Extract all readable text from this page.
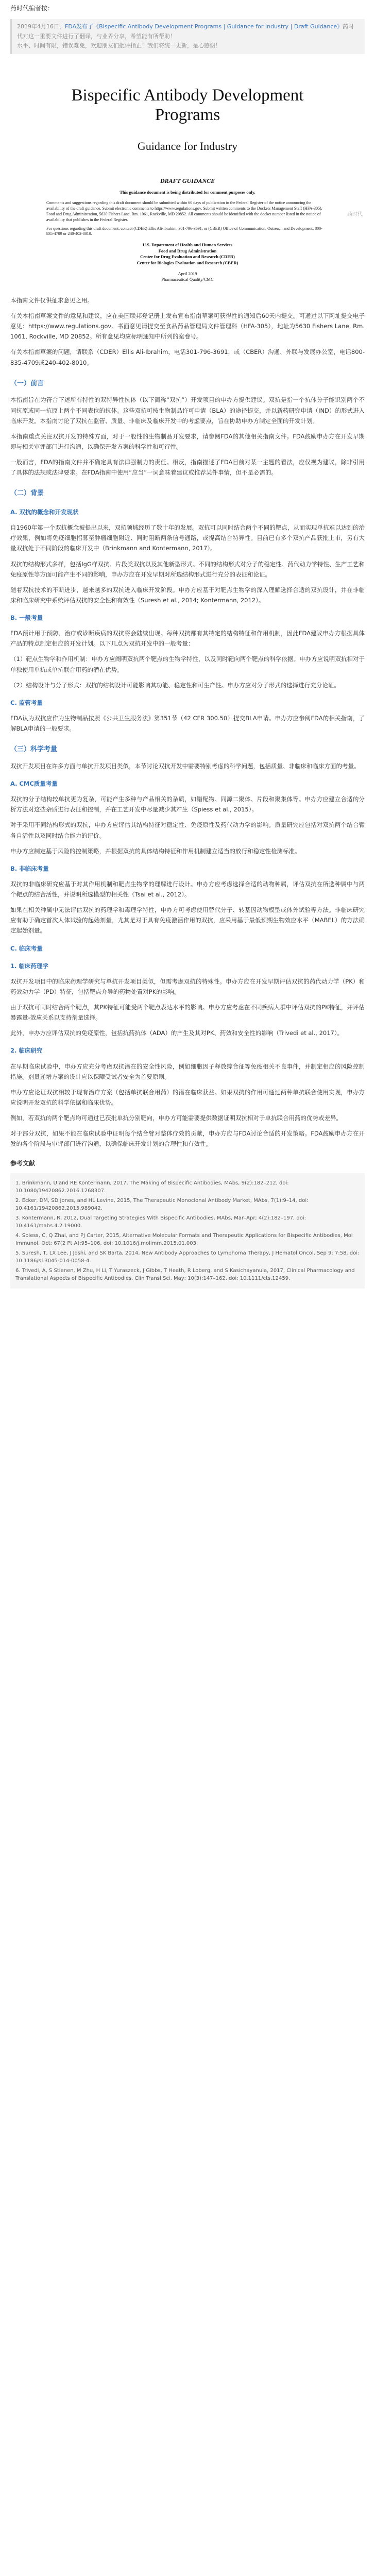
药时代编者按：
2019年4月16日，FDA发布了《Bispecific Antibody Development Programs | Guidance for Industry | Draft Guidance》药时代对这一重要文件进行了翻译，与业界分享，希望能有所帮助！
水平、时间有限，错误难免，欢迎朋友们批评指正！我们将统一更新，是心感谢！
Bispecific Antibody Development Programs
Guidance for Industry
DRAFT GUIDANCE
This guidance document is being distributed for comment purposes only.
Comments and suggestions regarding this draft document should be submitted within 60 days of publication in the Federal Register of the notice announcing the availability of the draft guidance. Submit electronic comments to https://www.regulations.gov. Submit written comments to the Dockets Management Staff (HFA-305), Food and Drug Administration, 5630 Fishers Lane, Rm. 1061, Rockville, MD 20852. All comments should be identified with the docket number listed in the notice of availability that publishes in the Federal Register.
For questions regarding this draft document, contact (CDER) Ellis Ali-Ibrahim, 301-796-3691, or (CBER) Office of Communication, Outreach and Development, 800-835-4709 or 240-402-8010.
U.S. Department of Health and Human Services
Food and Drug Administration
Center for Drug Evaluation and Research (CDER)
Center for Biologics Evaluation and Research (CBER)
April 2019
Pharmaceutical Quality/CMC
药时代

本指南文件仅供征求意见之用。

有关本指南草案文件的意见和建议，应在美国联邦登记册上发布宣布指南草案可获得性的通知后60天内提交。可通过以下网址提交电子意见：https://www.regulations.gov。书面意见请提交至食品药品管理局文件管理科（HFA-305），地址为5630 Fishers Lane, Rm. 1061, Rockville, MD 20852。所有意见均应标明通知中所列的案卷号。

有关本指南草案的问题，请联系（CDER）Ellis Ali-Ibrahim，电话301-796-3691，或（CBER）沟通、外联与发展办公室，电话800-835-4709或240-402-8010。

（一）前言

本指南旨在为符合下述所有特性的双特异性抗体（以下简称“双抗”）开发项目的申办方提供建议。双抗是指一个抗体分子能识别两个不同抗原或同一抗原上两个不同表位的抗体。这些双抗可按生物制品许可申请（BLA）的途径提交，并以新药研究申请（IND）的形式进入临床开发。本指南讨论了双抗在监管、质量、非临床及临床开发中的考虑要点，旨在协助申办方制定全面的开发计划。

本指南重点关注双抗开发的特殊方面，对于一般性的生物制品开发要求，请参阅FDA的其他相关指南文件。FDA鼓励申办方在开发早期即与相关审评部门进行沟通，以确保开发方案的科学性和可行性。

一般而言，FDA的指南文件并不确定具有法律强制力的责任。相反，指南描述了FDA目前对某一主题的看法，应仅视为建议，除非引用了具体的法规或法律要求。在FDA指南中使用“应当”一词意味着建议或推荐某件事情，但不是必需的。

（二）背景
A. 双抗的概念和开发现状

自1960年第一个双抗概念被提出以来，双抗领域经历了数十年的发展。双抗可以同时结合两个不同的靶点，从而实现单抗难以达到的治疗效果，例如将免疫细胞招募至肿瘤细胞附近、同时阻断两条信号通路，或提高结合特异性。目前已有多个双抗产品获批上市，另有大量双抗处于不同阶段的临床开发中（Brinkmann and Kontermann, 2017）。

双抗的结构形式多样，包括IgG样双抗、片段类双抗以及其他新型形式。不同的结构形式对分子的稳定性、药代动力学特性、生产工艺和免疫原性等方面可能产生不同的影响，申办方应在开发早期对所选结构形式进行充分的表征和论证。

随着双抗技术的不断进步，越来越多的双抗进入临床开发阶段。申办方应基于对靶点生物学的深入理解选择合适的双抗设计，并在非临床和临床研究中系统评估双抗的安全性和有效性（Suresh et al., 2014; Kontermann, 2012）。

B. 一般考量

FDA预计用于预防、治疗或诊断疾病的双抗将会陆续出现。每种双抗都有其特定的结构特征和作用机制，因此FDA建议申办方根据具体产品的特点制定相应的开发计划。以下几点为双抗开发中的一般考量：

（1）靶点生物学和作用机制：申办方应阐明双抗两个靶点的生物学特性，以及同时靶向两个靶点的科学依据。申办方应说明双抗相对于单独使用单抗或单抗联合用药的潜在优势。

（2）结构设计与分子形式：双抗的结构设计可能影响其功能、稳定性和可生产性。申办方应对分子形式的选择进行充分论证。

C. 监管考量

FDA认为双抗应作为生物制品按照《公共卫生服务法》第351节（42 CFR 300.50）提交BLA申请。申办方应参阅FDA的相关指南，了解BLA申请的一般要求。

（三）科学考量

双抗开发项目在许多方面与单抗开发项目类似，本节讨论双抗开发中需要特别考虑的科学问题，包括质量、非临床和临床方面的考量。

A. CMC质量考量

双抗的分子结构较单抗更为复杂，可能产生多种与产品相关的杂质，如错配物、同源二聚体、片段和聚集体等。申办方应建立合适的分析方法对这些杂质进行表征和控制，并在工艺开发中尽量减少其产生（Spiess et al., 2015）。

对于采用不同结构形式的双抗，申办方应评估其结构特征对稳定性、免疫原性及药代动力学的影响。质量研究应包括对双抗两个结合臂各自活性以及同时结合能力的评价。

申办方应制定基于风险的控制策略，并根据双抗的具体结构特征和作用机制建立适当的放行和稳定性检测标准。

B. 非临床考量

双抗的非临床研究应基于对其作用机制和靶点生物学的理解进行设计。申办方应考虑选择合适的动物种属，评估双抗在所选种属中与两个靶点的结合活性，并说明所选模型的相关性（Tsai et al., 2012）。

如果在相关种属中无法评估双抗的药理学和毒理学特性，申办方可考虑使用替代分子、转基因动物模型或体外试验等方法。非临床研究应有助于确定首次人体试验的起始剂量，尤其是对于具有免疫激活作用的双抗，应采用基于最低预期生物效应水平（MABEL）的方法确定起始剂量。

C. 临床考量
1. 临床药理学

双抗开发项目中的临床药理学研究与单抗开发项目类似，但需考虑双抗的特殊性。申办方应在开发早期评估双抗的药代动力学（PK）和药效动力学（PD）特征，包括靶点介导的药物处置对PK的影响。

由于双抗可同时结合两个靶点，其PK特征可能受两个靶点表达水平的影响。申办方应考虑在不同疾病人群中评估双抗的PK特征，并评估暴露量-效应关系以支持剂量选择。

此外，申办方应评估双抗的免疫原性，包括抗药抗体（ADA）的产生及其对PK、药效和安全性的影响（Trivedi et al., 2017）。

2. 临床研究

在早期临床试验中，申办方应充分考虑双抗潜在的安全性风险，例如细胞因子释放综合征等免疫相关不良事件，并制定相应的风险控制措施。剂量递增方案的设计应以保障受试者安全为首要原则。

申办方应论证双抗相较于现有治疗方案（包括单抗联合用药）的潜在临床获益。如果双抗的作用可通过两种单抗联合使用实现，申办方应说明开发双抗的科学依据和临床优势。

例如，若双抗的两个靶点均可通过已获批单抗分别靶向，申办方可能需要提供数据证明双抗相对于单抗联合用药的优势或差异。

对于部分双抗，如果不能在临床试验中证明每个结合臂对整体疗效的贡献，申办方应与FDA讨论合适的开发策略。FDA鼓励申办方在开发的各个阶段与审评部门进行沟通，以确保临床开发计划的合理性和有效性。

参考文献
1. Brinkmann, U and RE Kontermann, 2017, The Making of Bispecific Antibodies, MAbs, 9(2):182–212, doi: 10.1080/19420862.2016.1268307.
2. Ecker, DM, SD Jones, and HL Levine, 2015, The Therapeutic Monoclonal Antibody Market, MAbs, 7(1):9–14, doi: 10.4161/19420862.2015.989042.
3. Kontermann, R, 2012, Dual Targeting Strategies With Bispecific Antibodies, MAbs, Mar–Apr; 4(2):182–197, doi: 10.4161/mabs.4.2.19000.
4. Spiess, C, Q Zhai, and PJ Carter, 2015, Alternative Molecular Formats and Therapeutic Applications for Bispecific Antibodies, Mol Immunol, Oct; 67(2 Pt A):95–106, doi: 10.1016/j.molimm.2015.01.003.
5. Suresh, T, LX Lee, J Joshi, and SK Barta, 2014, New Antibody Approaches to Lymphoma Therapy, J Hematol Oncol, Sep 9; 7:58, doi: 10.1186/s13045-014-0058-4.
6. Trivedi, A, S Stienen, M Zhu, H Li, T Yuraszeck, J Gibbs, T Heath, R Loberg, and S Kasichayanula, 2017, Clinical Pharmacology and Translational Aspects of Bispecific Antibodies, Clin Transl Sci, May; 10(3):147–162, doi: 10.1111/cts.12459.
